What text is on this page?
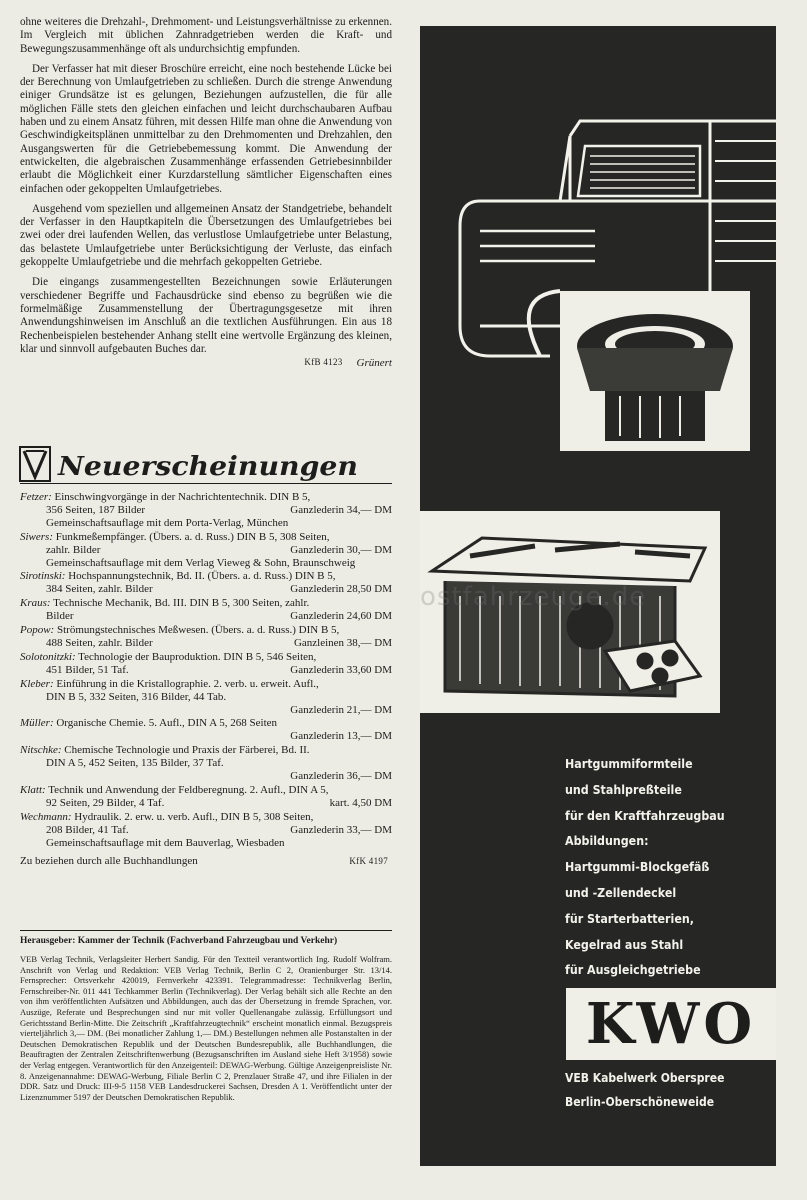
ohne weiteres die Drehzahl-, Drehmoment- und Leistungsverhältnisse zu erkennen. Im Vergleich mit üblichen Zahnradgetrieben werden die Kraft- und Bewegungszusammenhänge oft als undurchsichtig empfunden.

Der Verfasser hat mit dieser Broschüre erreicht, eine noch bestehende Lücke bei der Berechnung von Umlaufgetrieben zu schließen. Durch die strenge Anwendung einiger Grundsätze ist es gelungen, Beziehungen aufzustellen, die für alle möglichen Fälle stets den gleichen einfachen und leicht durchschaubaren Aufbau haben und zu einem Ansatz führen, mit dessen Hilfe man ohne die Anwendung von Geschwindigkeitsplänen unmittelbar zu den Drehmomenten und Drehzahlen, den Ausgangswerten für die Getriebebemessung kommt. Die Anwendung der entwickelten, die algebraischen Zusammenhänge erfassenden Getriebesinnbilder erlaubt die Möglichkeit einer Kurzdarstellung sämtlicher Eigenschaften eines einfachen oder gekoppelten Umlaufgetriebes.

Ausgehend vom speziellen und allgemeinen Ansatz der Standgetriebe, behandelt der Verfasser in den Hauptkapiteln die Übersetzungen des Umlaufgetriebes bei zwei oder drei laufenden Wellen, das verlustlose Umlaufgetriebe unter Belastung, das belastete Umlaufgetriebe unter Berücksichtigung der Verluste, das einfach gekoppelte Umlaufgetriebe und die mehrfach gekoppelten Getriebe.

Die eingangs zusammengestellten Bezeichnungen sowie Erläuterungen verschiedener Begriffe und Fachausdrücke sind ebenso zu begrüßen wie die formelmäßige Zusammenstellung der Übertragungsgesetze mit ihren Anwendungshinweisen im Anschluß an die textlichen Ausführungen. Ein aus 18 Rechenbeispielen bestehender Anhang stellt eine wertvolle Ergänzung des kleinen, klar und sinnvoll aufgebauten Buches dar.

KfB 4123 Grünert
Neuerscheinungen
Fetzer: Einschwingvorgänge in der Nachrichtentechnik. DIN B 5,
356 Seiten, 187 Bilder	Ganzlederin 34,— DM
Gemeinschaftsauflage mit dem Porta-Verlag, München
Siwers: Funkmeßempfänger. (Übers. a. d. Russ.) DIN B 5, 308 Seiten,
zahlr. Bilder	Ganzlederin 30,— DM
Gemeinschaftsauflage mit dem Verlag Vieweg & Sohn, Braunschweig
Sirotinski: Hochspannungstechnik, Bd. II. (Übers. a. d. Russ.) DIN B 5,
384 Seiten, zahlr. Bilder	Ganzlederin 28,50 DM
Kraus: Technische Mechanik, Bd. III. DIN B 5, 300 Seiten, zahlr.
Bilder	Ganzlederin 24,60 DM
Popow: Strömungstechnisches Meßwesen. (Übers. a. d. Russ.) DIN B 5,
488 Seiten, zahlr. Bilder	Ganzleinen 38,— DM
Solotonitzki: Technologie der Bauproduktion. DIN B 5, 546 Seiten,
451 Bilder, 51 Taf.	Ganzlederin 33,60 DM
Kleber: Einführung in die Kristallographie. 2. verb. u. erweit. Aufl.,
DIN B 5, 332 Seiten, 316 Bilder, 44 Tab.
Ganzlederin 21,— DM
Müller: Organische Chemie. 5. Aufl., DIN A 5, 268 Seiten
Ganzlederin 13,— DM
Nitschke: Chemische Technologie und Praxis der Färberei, Bd. II.
DIN A 5, 452 Seiten, 135 Bilder, 37 Taf.
Ganzlederin 36,— DM
Klatt: Technik und Anwendung der Feldberegnung. 2. Aufl., DIN A 5,
92 Seiten, 29 Bilder, 4 Taf.	kart. 4,50 DM
Wechmann: Hydraulik. 2. erw. u. verb. Aufl., DIN B 5, 308 Seiten,
208 Bilder, 41 Taf.	Ganzlederin 33,— DM
Gemeinschaftsauflage mit dem Bauverlag, Wiesbaden
Zu beziehen durch alle Buchhandlungen	KfK 4197
Herausgeber: Kammer der Technik (Fachverband Fahrzeugbau und Verkehr)

VEB Verlag Technik, Verlagsleiter Herbert Sandig. Für den Textteil verantwortlich Ing. Rudolf Wolfram. Anschrift von Verlag und Redaktion: VEB Verlag Technik, Berlin C 2, Oranienburger Str. 13/14. Fernsprecher: Ortsverkehr 420019, Fernverkehr 423391. Telegrammadresse: Technikverlag Berlin, Fernschreiber-Nr. 011 441 Techkammer Berlin (Technikverlag). Der Verlag behält sich alle Rechte an den von ihm veröffentlichten Aufsätzen und Abbildungen, auch das der Übersetzung in fremde Sprachen, vor. Auszüge, Referate und Besprechungen sind nur mit voller Quellenangabe zulässig. Erfüllungsort und Gerichtsstand Berlin-Mitte. Die Zeitschrift „Kraftfahrzeugtechnik“ erscheint monatlich einmal. Bezugspreis vierteljährlich 3,— DM. (Bei monatlicher Zahlung 1,— DM.) Bestellungen nehmen alle Postanstalten in der Deutschen Demokratischen Republik und der Deutschen Bundesrepublik, alle Buchhandlungen, die Beauftragten der Zentralen Zeitschriftenwerbung (Bezugsanschriften im Ausland siehe Heft 3/1958) sowie der Verlag entgegen. Verantwortlich für den Anzeigenteil: DEWAG-Werbung. Gültige Anzeigenpreisliste Nr. 8. Anzeigenannahme: DEWAG-Werbung, Filiale Berlin C 2, Prenzlauer Straße 47, und ihre Filialen in der DDR. Satz und Druck: III-9-5 1158 VEB Landesdruckerei Sachsen, Dresden A 1. Veröffentlicht unter der Lizenznummer 5197 der Deutschen Demokratischen Republik.

Hartgummiformteile
und Stahlpreßteile
für den Kraftfahrzeugbau
Abbildungen:
Hartgummi-Blockgefäß
und -Zellendeckel
für Starterbatterien,
Kegelrad aus Stahl
für Ausgleichgetriebe
KWO
VEB Kabelwerk Oberspree
Berlin-Oberschöneweide
ostfahrzeuge.de
